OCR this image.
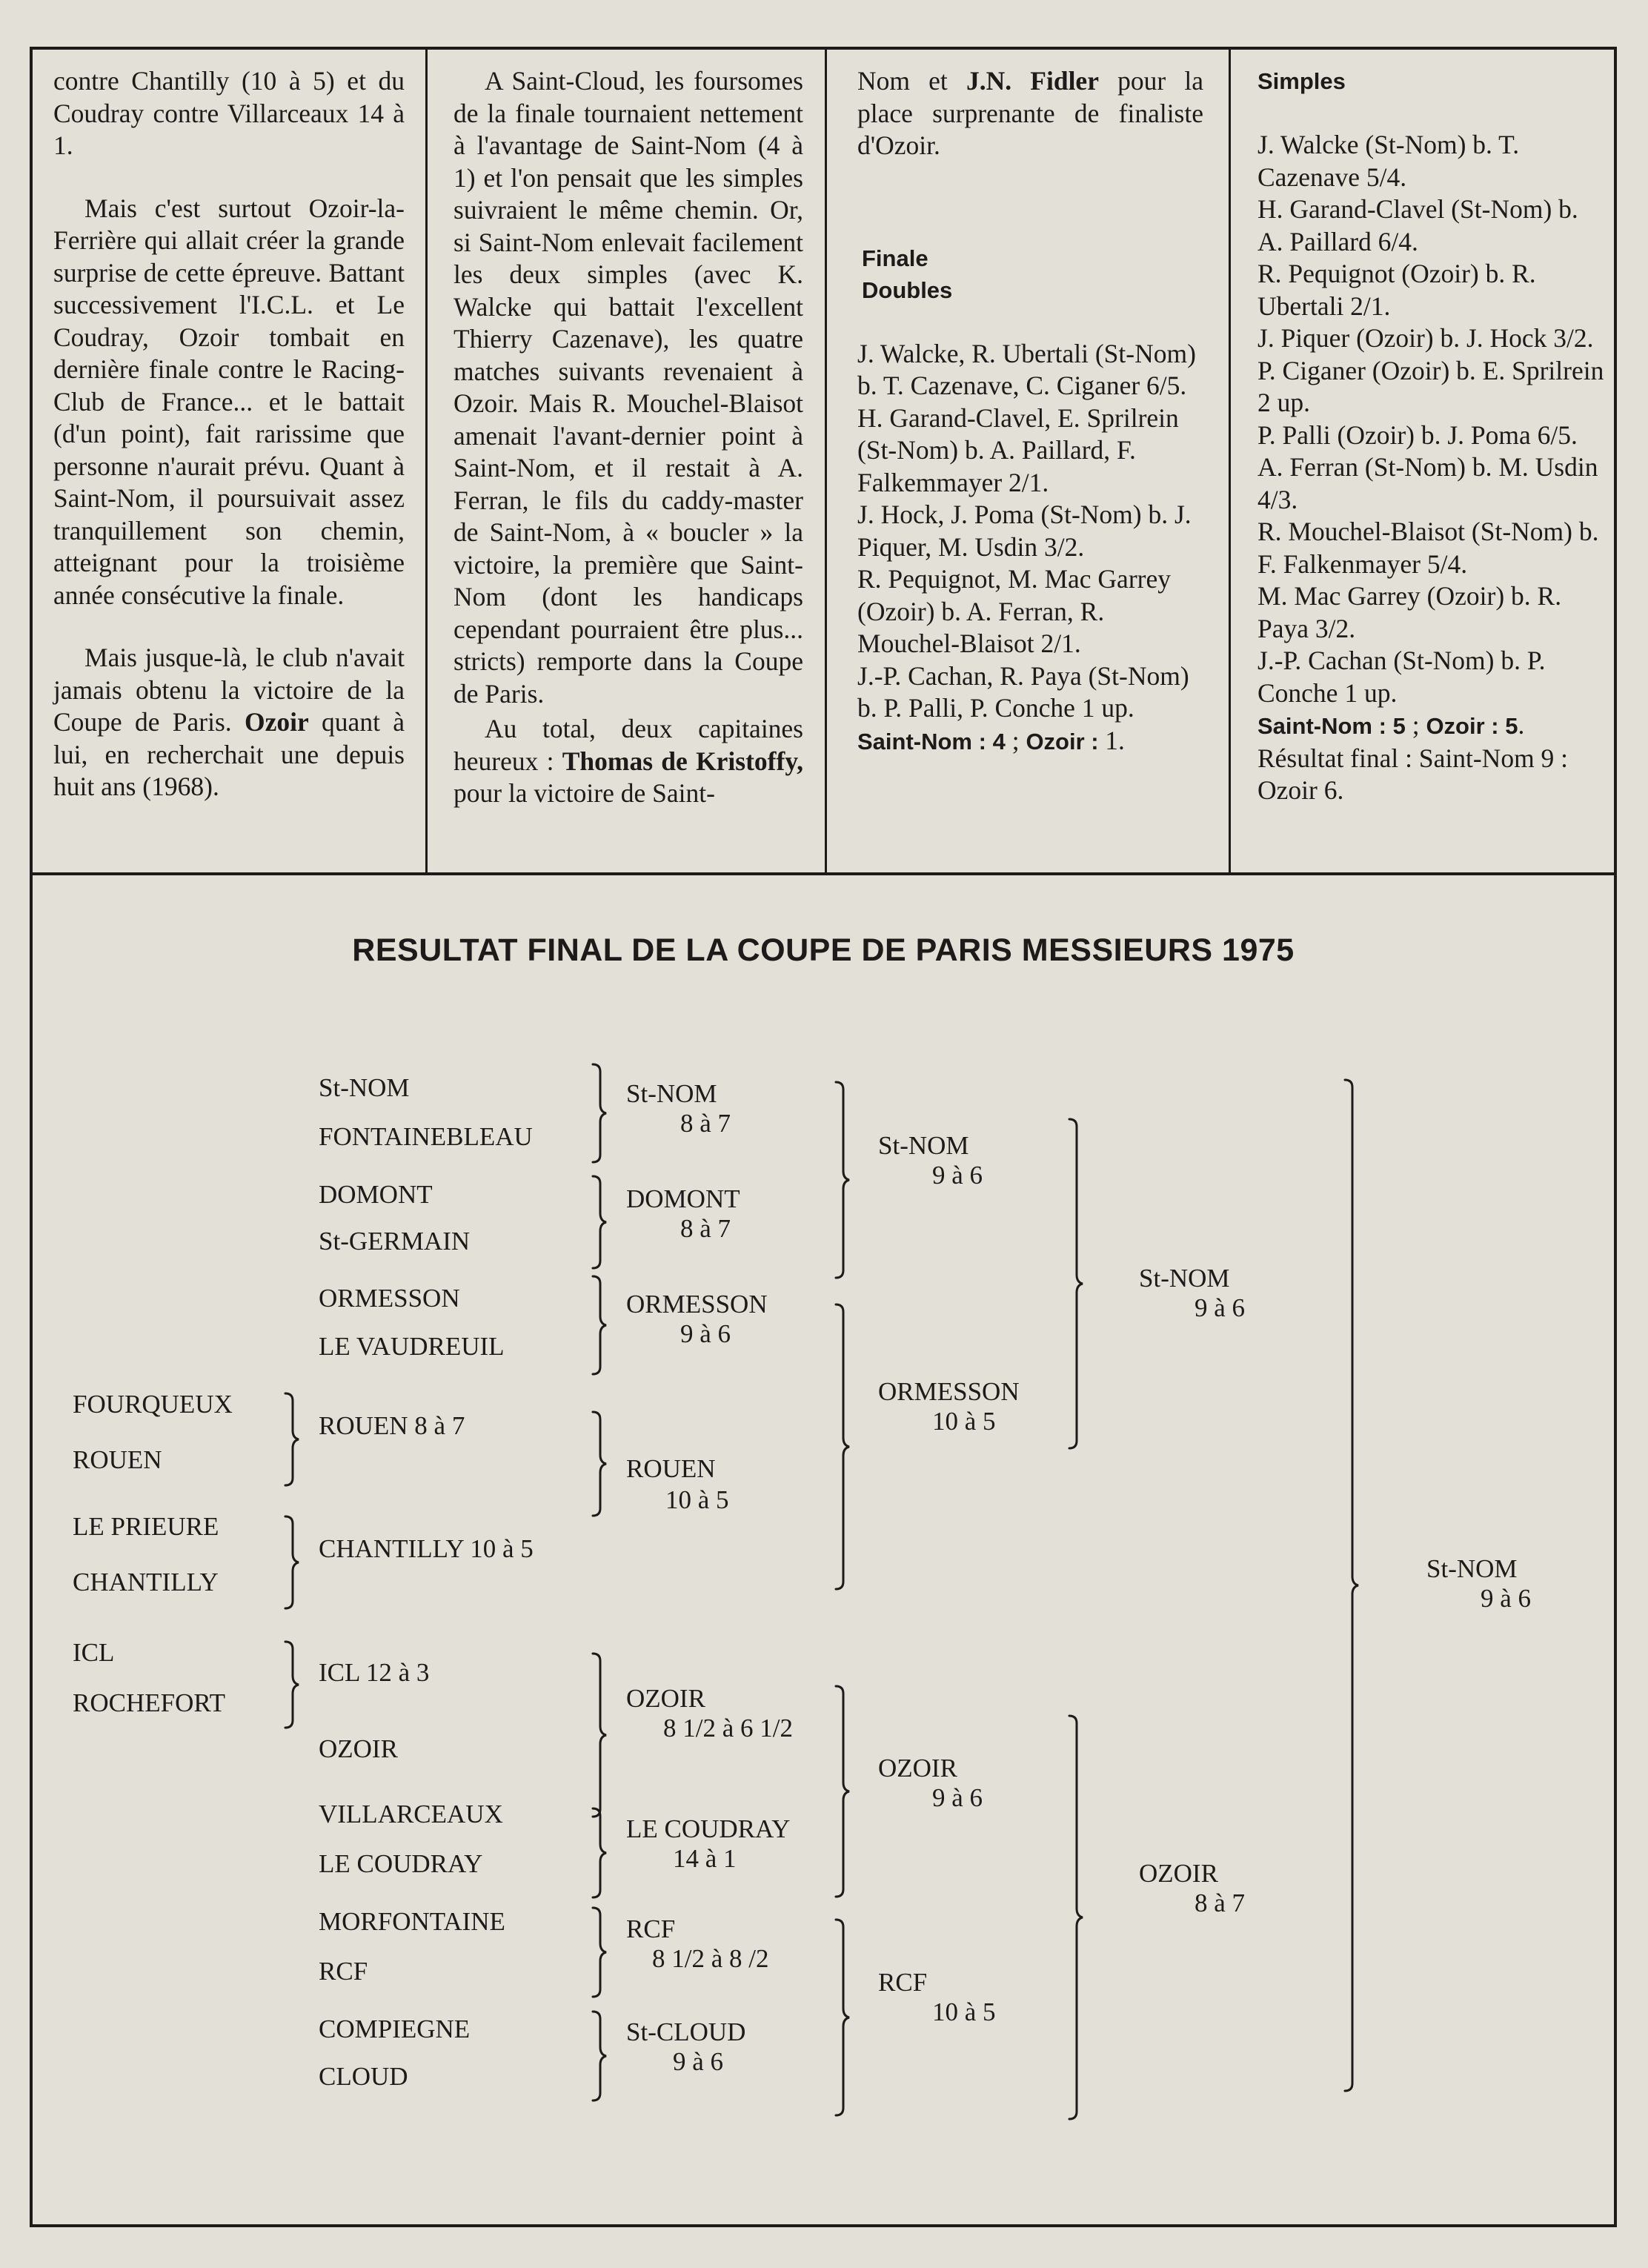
contre Chantilly (10 à 5) et du Coudray contre Villarceaux 14 à 1.

Mais c'est surtout Ozoir-la-Ferrière qui allait créer la grande surprise de cette épreuve. Battant successivement l'I.C.L. et Le Coudray, Ozoir tombait en dernière finale contre le Racing-Club de France... et le battait (d'un point), fait rarissime que personne n'aurait prévu. Quant à Saint-Nom, il poursuivait assez tranquillement son chemin, atteignant pour la troisième année consécutive la finale.

Mais jusque-là, le club n'avait jamais obtenu la victoire de la Coupe de Paris. Ozoir quant à lui, en recherchait une depuis huit ans (1968).

A Saint-Cloud, les foursomes de la finale tournaient nettement à l'avantage de Saint-Nom (4 à 1) et l'on pensait que les simples suivraient le même chemin. Or, si Saint-Nom enlevait facilement les deux simples (avec K. Walcke qui battait l'excellent Thierry Cazenave), les quatre matches suivants revenaient à Ozoir. Mais R. Mouchel-Blaisot amenait l'avant-dernier point à Saint-Nom, et il restait à A. Ferran, le fils du caddy-master de Saint-Nom, à « boucler » la victoire, la première que Saint-Nom (dont les handicaps cependant pourraient être plus... stricts) remporte dans la Coupe de Paris.

Au total, deux capitaines heureux : Thomas de Kristoffy, pour la victoire de Saint-

Nom et J.N. Fidler pour la place surprenante de finaliste d'Ozoir.

Finale

Doubles

J. Walcke, R. Ubertali (St-Nom) b. T. Cazenave, C. Ciganer 6/5.

H. Garand-Clavel, E. Sprilrein (St-Nom) b. A. Paillard, F. Falkemmayer 2/1.

J. Hock, J. Poma (St-Nom) b. J. Piquer, M. Usdin 3/2.

R. Pequignot, M. Mac Garrey (Ozoir) b. A. Ferran, R. Mouchel-Blaisot 2/1.

J.-P. Cachan, R. Paya (St-Nom) b. P. Palli, P. Conche 1 up.

Saint-Nom : 4 ; Ozoir : 1.

Simples

J. Walcke (St-Nom) b. T. Cazenave 5/4.

H. Garand-Clavel (St-Nom) b. A. Paillard 6/4.

R. Pequignot (Ozoir) b. R. Ubertali 2/1.

J. Piquer (Ozoir) b. J. Hock 3/2.

P. Ciganer (Ozoir) b. E. Sprilrein 2 up.

P. Palli (Ozoir) b. J. Poma 6/5.

A. Ferran (St-Nom) b. M. Usdin 4/3.

R. Mouchel-Blaisot (St-Nom) b. F. Falkenmayer 5/4.

M. Mac Garrey (Ozoir) b. R. Paya 3/2.

J.-P. Cachan (St-Nom) b. P. Conche 1 up.

Saint-Nom : 5 ; Ozoir : 5.

Résultat final : Saint-Nom 9 : Ozoir 6.

RESULTAT FINAL DE LA COUPE DE PARIS MESSIEURS 1975
FOURQUEUX
ROUEN
LE PRIEURE
CHANTILLY
ICL
ROCHEFORT
ROUEN 8 à 7
CHANTILLY 10 à 5
ICL 12 à 3
St-NOM
FONTAINEBLEAU
DOMONT
St-GERMAIN
ORMESSON
LE VAUDREUIL
OZOIR
VILLARCEAUX
LE COUDRAY
MORFONTAINE
RCF
COMPIEGNE
CLOUD
St-NOM
8 à 7
DOMONT
8 à 7
ORMESSON
9 à 6
ROUEN
10 à 5
OZOIR
8 1/2 à 6 1/2
LE COUDRAY
14 à 1
RCF
8 1/2 à 8 /2
St-CLOUD
9 à 6
St-NOM
9 à 6
ORMESSON
10 à 5
OZOIR
9 à 6
RCF
10 à 5
St-NOM
9 à 6
OZOIR
8 à 7
St-NOM
9 à 6
